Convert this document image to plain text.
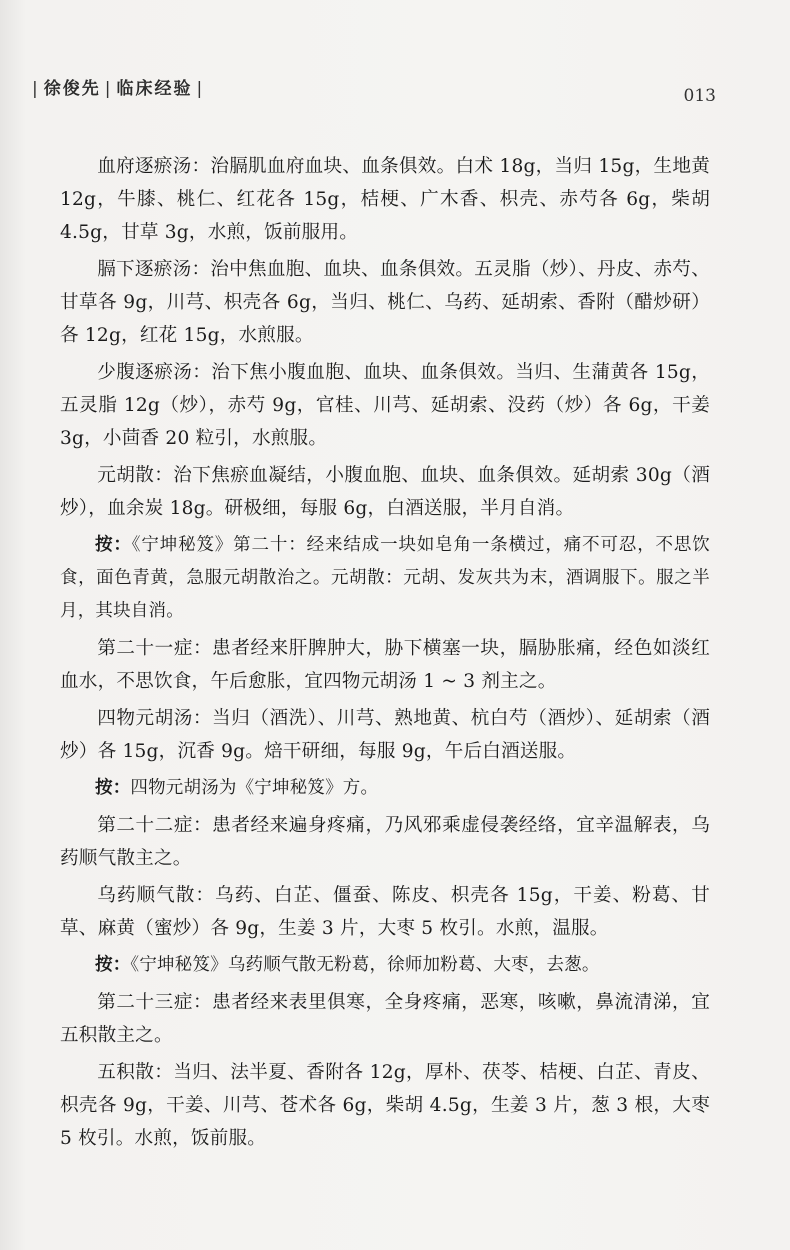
| 徐俊先 | 临床经验 |	013

血府逐瘀汤：治膈肌血府血块、血条俱效。白术 18g，当归 15g，生地黄 12g，牛膝、桃仁、红花各 15g，桔梗、广木香、枳壳、赤芍各 6g，柴胡 4.5g，甘草 3g，水煎，饭前服用。

膈下逐瘀汤：治中焦血胞、血块、血条俱效。五灵脂（炒）、丹皮、赤芍、甘草各 9g，川芎、枳壳各 6g，当归、桃仁、乌药、延胡索、香附（醋炒研）各 12g，红花 15g，水煎服。

少腹逐瘀汤：治下焦小腹血胞、血块、血条俱效。当归、生蒲黄各 15g，五灵脂 12g（炒），赤芍 9g，官桂、川芎、延胡索、没药（炒）各 6g，干姜 3g，小茴香 20 粒引，水煎服。

元胡散：治下焦瘀血凝结，小腹血胞、血块、血条俱效。延胡索 30g（酒炒），血余炭 18g。研极细，每服 6g，白酒送服，半月自消。

按：《宁坤秘笈》第二十：经来结成一块如皂角一条横过，痛不可忍，不思饮食，面色青黄，急服元胡散治之。元胡散：元胡、发灰共为末，酒调服下。服之半月，其块自消。

第二十一症：患者经来肝脾肿大，胁下横塞一块，膈胁胀痛，经色如淡红血水，不思饮食，午后愈胀，宜四物元胡汤 1 ~ 3 剂主之。

四物元胡汤：当归（酒洗）、川芎、熟地黄、杭白芍（酒炒）、延胡索（酒炒）各 15g，沉香 9g。焙干研细，每服 9g，午后白酒送服。

按：四物元胡汤为《宁坤秘笈》方。

第二十二症：患者经来遍身疼痛，乃风邪乘虚侵袭经络，宜辛温解表，乌药顺气散主之。

乌药顺气散：乌药、白芷、僵蚕、陈皮、枳壳各 15g，干姜、粉葛、甘草、麻黄（蜜炒）各 9g，生姜 3 片，大枣 5 枚引。水煎，温服。

按：《宁坤秘笈》乌药顺气散无粉葛，徐师加粉葛、大枣，去葱。

第二十三症：患者经来表里俱寒，全身疼痛，恶寒，咳嗽，鼻流清涕，宜五积散主之。

五积散：当归、法半夏、香附各 12g，厚朴、茯苓、桔梗、白芷、青皮、枳壳各 9g，干姜、川芎、苍术各 6g，柴胡 4.5g，生姜 3 片，葱 3 根，大枣 5 枚引。水煎，饭前服。
